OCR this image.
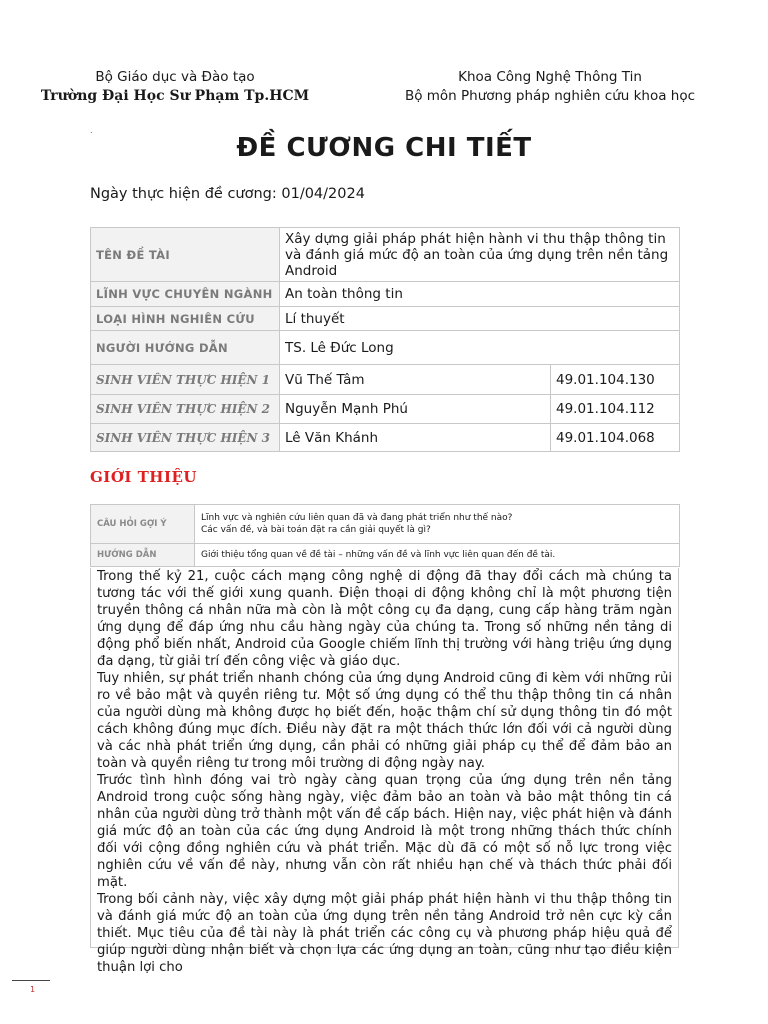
Bộ Giáo dục và Đào tạo
Trường Đại Học Sư Phạm Tp.HCM
Khoa Công Nghệ Thông Tin
Bộ môn Phương pháp nghiên cứu khoa học
.
ĐỀ CƯƠNG CHI TIẾT
Ngày thực hiện đề cương: 01/04/2024
TÊN ĐỀ TÀI	Xây dựng giải pháp phát hiện hành vi thu thập thông tin và đánh giá mức độ an toàn của ứng dụng trên nền tảng Android	
LĨNH VỰC CHUYÊN NGÀNH	An toàn thông tin	
LOẠI HÌNH NGHIÊN CỨU	Lí thuyết	
NGƯỜI HƯỚNG DẪN	TS. Lê Đức Long	
SINH VIÊN THỰC HIỆN 1	Vũ Thế Tâm	49.01.104.130
SINH VIÊN THỰC HIỆN 2	Nguyễn Mạnh Phú	49.01.104.112
SINH VIÊN THỰC HIỆN 3	Lê Văn Khánh	49.01.104.068
GIỚI THIỆU
CÂU HỎI GỢI Ý	Lĩnh vực và nghiên cứu liên quan đã và đang phát triển như thế nào?
Các vấn đề, và bài toán đặt ra cần giải quyết là gì?

HƯỚNG DẪN	Giới thiệu tổng quan về đề tài – những vấn đề và lĩnh vực liên quan đến đề tài.

Trong thế kỷ 21, cuộc cách mạng công nghệ di động đã thay đổi cách mà chúng ta tương tác với thế giới xung quanh. Điện thoại di động không chỉ là một phương tiện truyền thông cá nhân nữa mà còn là một công cụ đa dạng, cung cấp hàng trăm ngàn ứng dụng để đáp ứng nhu cầu hàng ngày của chúng ta. Trong số những nền tảng di động phổ biến nhất, Android của Google chiếm lĩnh thị trường với hàng triệu ứng dụng đa dạng, từ giải trí đến công việc và giáo dục.

Tuy nhiên, sự phát triển nhanh chóng của ứng dụng Android cũng đi kèm với những rủi ro về bảo mật và quyền riêng tư. Một số ứng dụng có thể thu thập thông tin cá nhân của người dùng mà không được họ biết đến, hoặc thậm chí sử dụng thông tin đó một cách không đúng mục đích. Điều này đặt ra một thách thức lớn đối với cả người dùng và các nhà phát triển ứng dụng, cần phải có những giải pháp cụ thể để đảm bảo an toàn và quyền riêng tư trong môi trường di động ngày nay.

Trước tình hình đóng vai trò ngày càng quan trọng của ứng dụng trên nền tảng Android trong cuộc sống hàng ngày, việc đảm bảo an toàn và bảo mật thông tin cá nhân của người dùng trở thành một vấn đề cấp bách. Hiện nay, việc phát hiện và đánh giá mức độ an toàn của các ứng dụng Android là một trong những thách thức chính đối với cộng đồng nghiên cứu và phát triển. Mặc dù đã có một số nỗ lực trong việc nghiên cứu về vấn đề này, nhưng vẫn còn rất nhiều hạn chế và thách thức phải đối mặt.

Trong bối cảnh này, việc xây dựng một giải pháp phát hiện hành vi thu thập thông tin và đánh giá mức độ an toàn của ứng dụng trên nền tảng Android trở nên cực kỳ cần thiết. Mục tiêu của đề tài này là phát triển các công cụ và phương pháp hiệu quả để giúp người dùng nhận biết và chọn lựa các ứng dụng an toàn, cũng như tạo điều kiện thuận lợi cho

1
